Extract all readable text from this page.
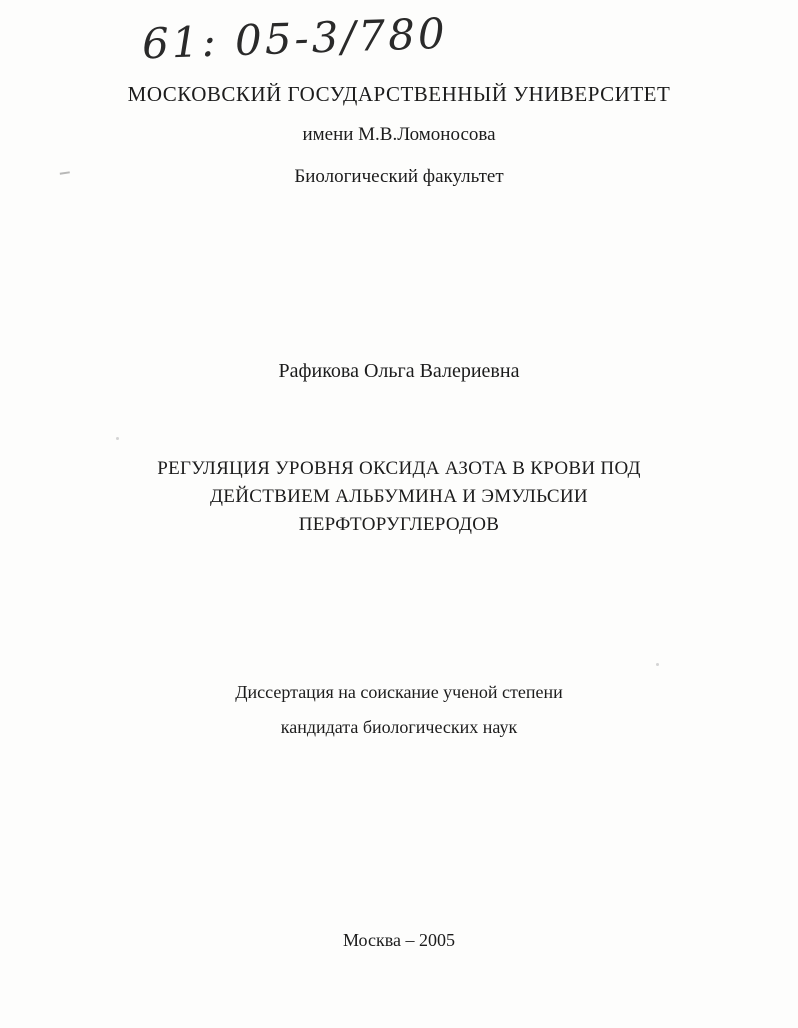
61: 05-3/780
МОСКОВСКИЙ ГОСУДАРСТВЕННЫЙ УНИВЕРСИТЕТ
имени М.В.Ломоносова
Биологический факультет
Рафикова Ольга Валериевна
РЕГУЛЯЦИЯ УРОВНЯ ОКСИДА АЗОТА В КРОВИ ПОД
ДЕЙСТВИЕМ АЛЬБУМИНА И ЭМУЛЬСИИ
ПЕРФТОРУГЛЕРОДОВ
Диссертация на соискание ученой степени
кандидата биологических наук
Москва – 2005
